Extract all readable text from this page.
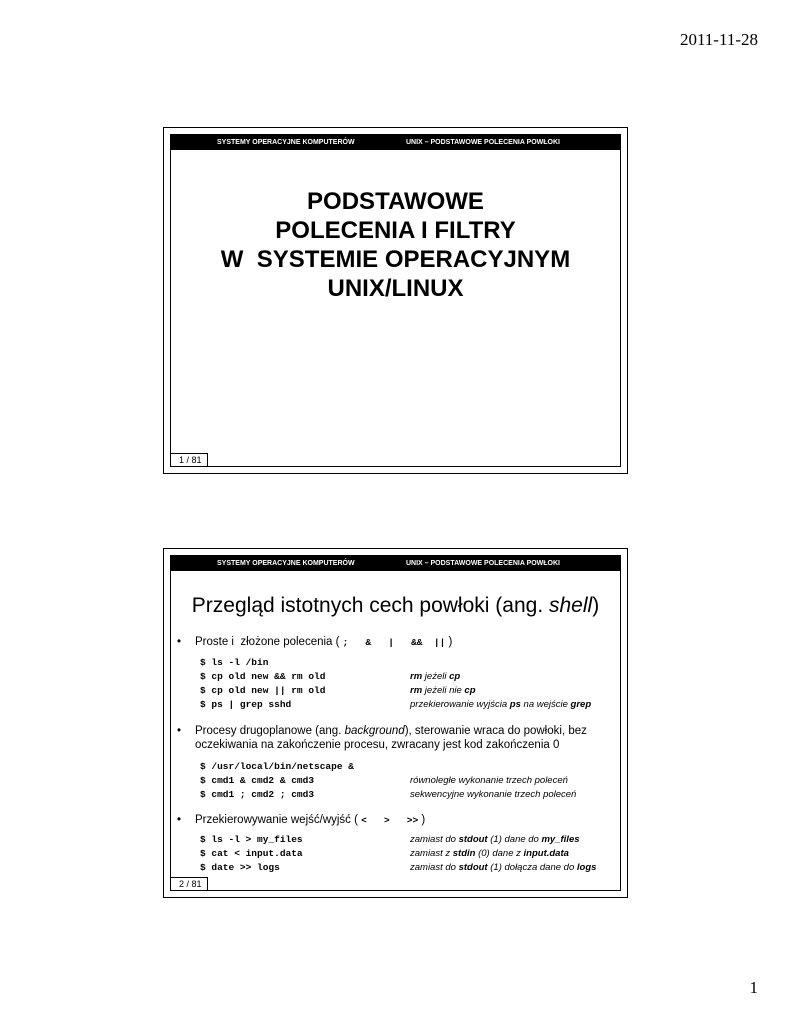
2011-11-28
SYSTEMY OPERACYJNE KOMPUTERÓW	UNIX – PODSTAWOWE POLECENIA POWŁOKI
PODSTAWOWE
POLECENIA I FILTRY
W  SYSTEMIE OPERACYJNYM
UNIX/LINUX
1 / 81
SYSTEMY OPERACYJNE KOMPUTERÓW	UNIX – PODSTAWOWE POLECENIA POWŁOKI
Przegląd istotnych cech powłoki (ang. shell)
• Proste i  złożone polecenia ( ;   &   |   &&  || )
$ ls -l /bin
$ cp old new && rm old	rm jeżeli cp
$ cp old new || rm old	rm jeżeli nie cp
$ ps | grep sshd	przekierowanie wyjścia ps na wejście grep
• Procesy drugoplanowe (ang. background), sterowanie wraca do powłoki, bez
oczekiwania na zakończenie procesu, zwracany jest kod zakończenia 0
$ /usr/local/bin/netscape &
$ cmd1 & cmd2 & cmd3	równoległe wykonanie trzech poleceń
$ cmd1 ; cmd2 ; cmd3	sekwencyjne wykonanie trzech poleceń
• Przekierowywanie wejść/wyjść ( <   >   >> )
$ ls -l > my_files	zamiast do stdout (1) dane do my_files
$ cat < input.data	zamiast z stdin (0) dane z input.data
$ date >> logs	zamiast do stdout (1) dołącza dane do logs
2 / 81
1
